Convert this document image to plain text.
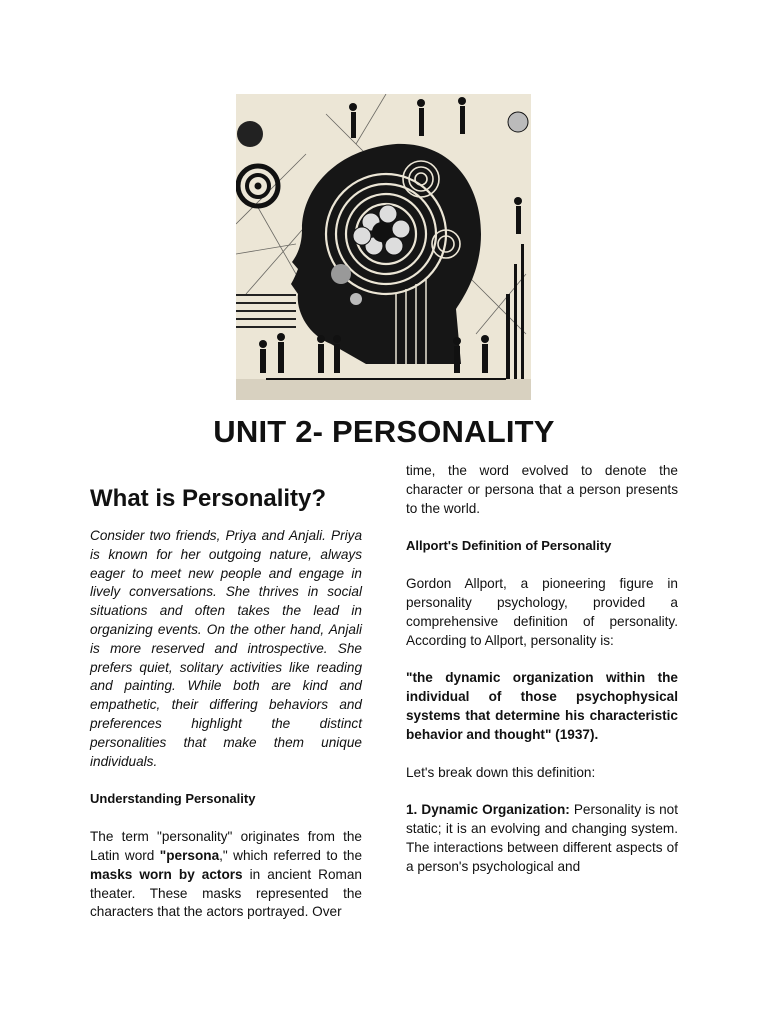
UNIT 2- PERSONALITY
What is Personality?

Consider two friends, Priya and Anjali. Priya is known for her outgoing nature, always eager to meet new people and engage in lively conversations. She thrives in social situations and often takes the lead in organizing events. On the other hand, Anjali is more reserved and introspective. She prefers quiet, solitary activities like reading and painting. While both are kind and empathetic, their differing behaviors and preferences highlight the distinct personalities that make them unique individuals.

Understanding Personality

The term "personality" originates from the Latin word "persona," which referred to the masks worn by actors in ancient Roman theater. These masks represented the characters that the actors portrayed. Over

time, the word evolved to denote the character or persona that a person presents to the world.

Allport's Definition of Personality

Gordon Allport, a pioneering figure in personality psychology, provided a comprehensive definition of personality. According to Allport, personality is:

"the dynamic organization within the individual of those psychophysical systems that determine his characteristic behavior and thought" (1937).

Let's break down this definition:

1. Dynamic Organization: Personality is not static; it is an evolving and changing system. The interactions between different aspects of a person's psychological and
